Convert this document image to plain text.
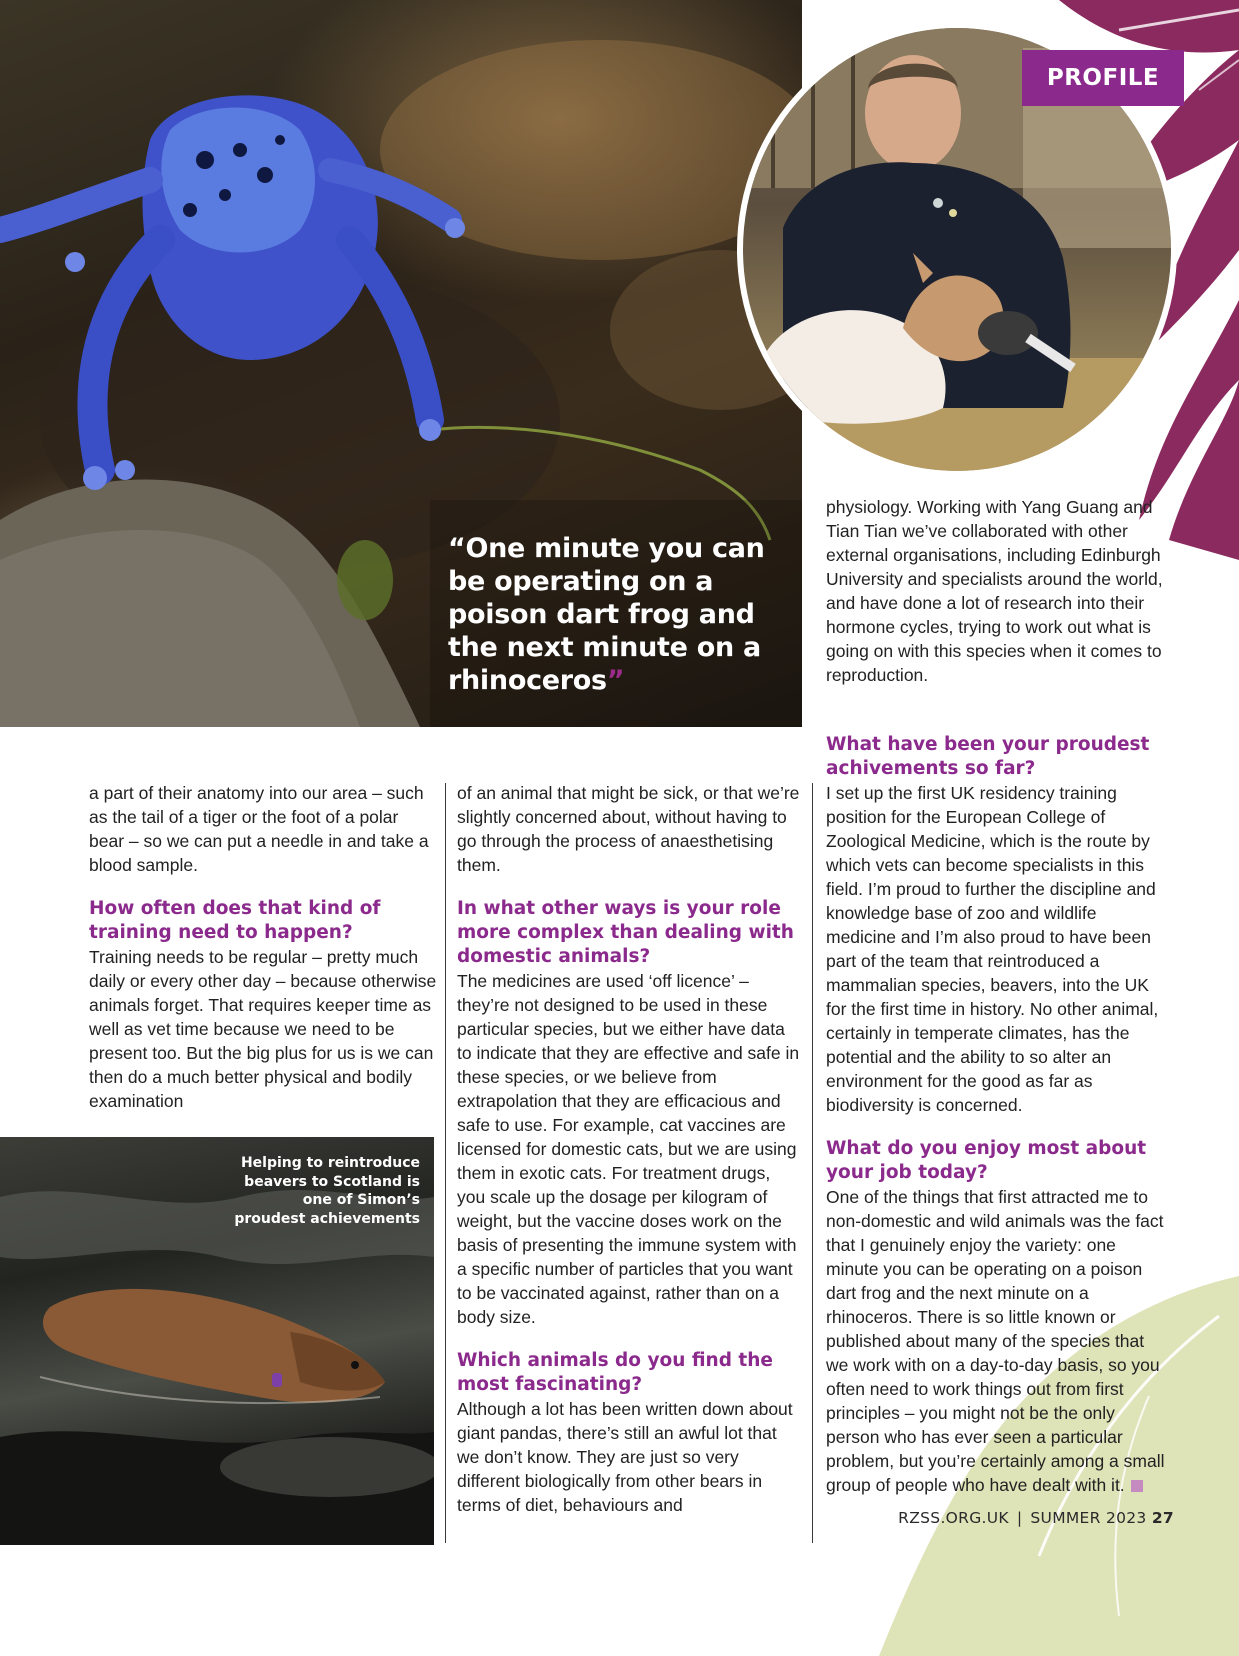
“One minute you can be operating on a poison dart frog and the next minute on a rhinoceros”
PROFILE

physiology. Working with Yang Guang and Tian Tian we’ve collaborated with other external organisations, including Edinburgh University and specialists around the world, and have done a lot of research into their hormone cycles, trying to work out what is going on with this species when it comes to reproduction.

a part of their anatomy into our area – such as the tail of a tiger or the foot of a polar bear – so we can put a needle in and take a blood sample.

How often does that kind of training need to happen?

Training needs to be regular – pretty much daily or every other day – because otherwise animals forget. That requires keeper time as well as vet time because we need to be present too. But the big plus for us is we can then do a much better physical and bodily examination

of an animal that might be sick, or that we’re slightly concerned about, without having to go through the process of anaesthetising them.

In what other ways is your role more complex than dealing with domestic animals?

The medicines are used ‘off licence’ – they’re not designed to be used in these particular species, but we either have data to indicate that they are effective and safe in these species, or we believe from extrapolation that they are efficacious and safe to use. For example, cat vaccines are licensed for domestic cats, but we are using them in exotic cats. For treatment drugs, you scale up the dosage per kilogram of weight, but the vaccine doses work on the basis of presenting the immune system with a specific number of particles that you want to be vaccinated against, rather than on a body size.

Which animals do you find the most fascinating?

Although a lot has been written down about giant pandas, there’s still an awful lot that we don’t know. They are just so very different biologically from other bears in terms of diet, behaviours and

What have been your proudest achivements so far?

I set up the first UK residency training position for the European College of Zoological Medicine, which is the route by which vets can become specialists in this field. I’m proud to further the discipline and knowledge base of zoo and wildlife medicine and I’m also proud to have been part of the team that reintroduced a mammalian species, beavers, into the UK for the first time in history. No other animal, certainly in temperate climates, has the potential and the ability to so alter an environment for the good as far as biodiversity is concerned.

What do you enjoy most about your job today?

One of the things that first attracted me to non-domestic and wild animals was the fact that I genuinely enjoy the variety: one minute you can be operating on a poison dart frog and the next minute on a rhinoceros. There is so little known or published about many of the species that we work with on a day-to-day basis, so you often need to work things out from first principles – you might not be the only person who has ever seen a particular problem, but you’re certainly among a small group of people who have dealt with it.

Helping to reintroduce beavers to Scotland is one of Simon’s proudest achievements
RZSS.ORG.UK | SUMMER 2023 27
